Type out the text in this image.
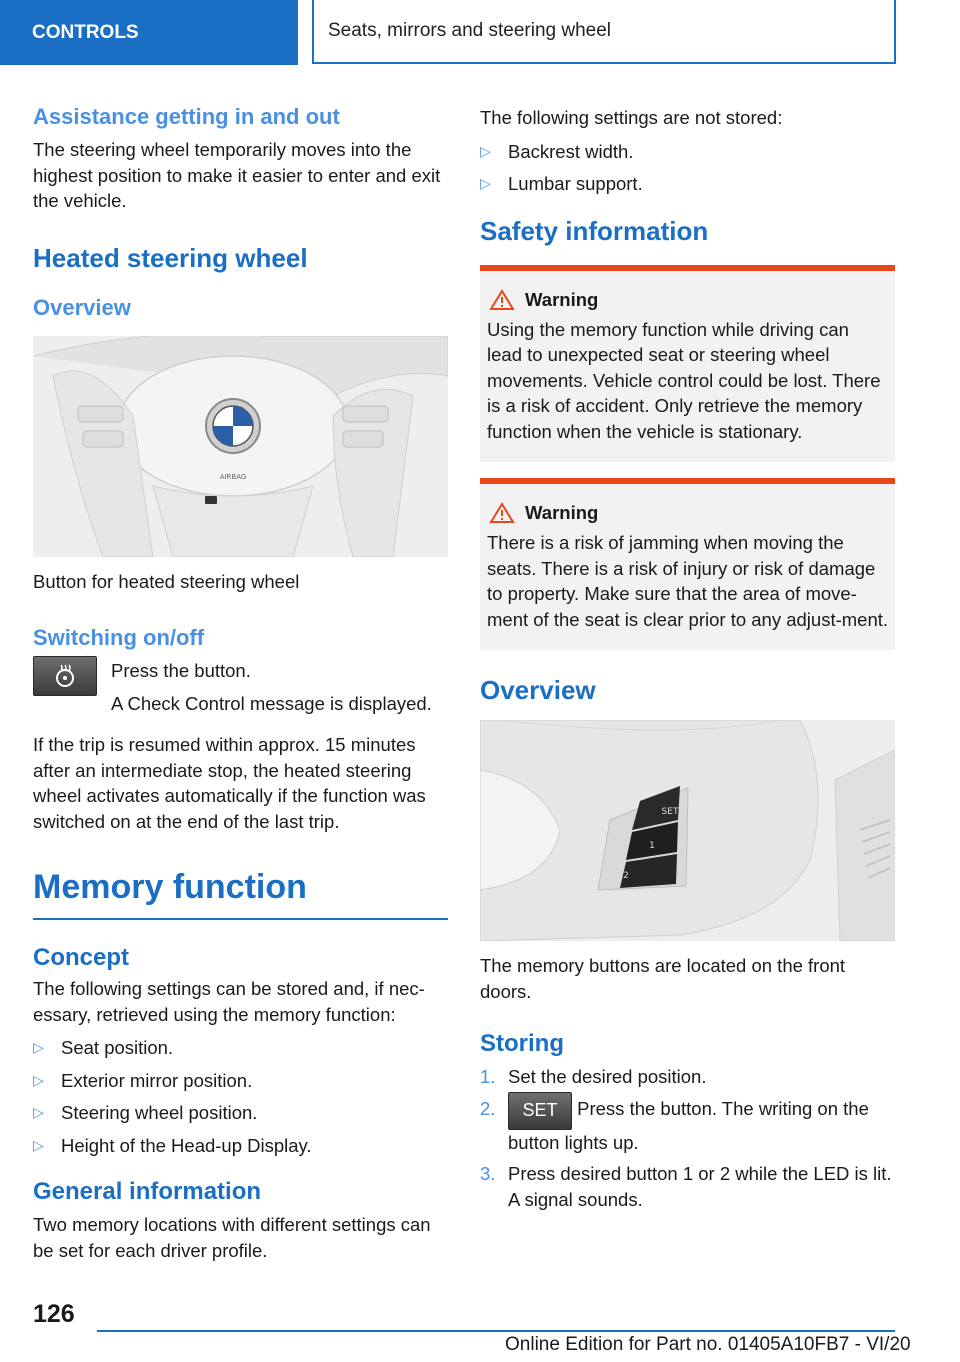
CONTROLS	Seats, mirrors and steering wheel
Assistance getting in and out

The steering wheel temporarily moves into the highest position to make it easier to enter and exit the vehicle.

Heated steering wheel
Overview
AIRBAG

Button for heated steering wheel

Switching on/off

Press the button.

A Check Control message is displayed.

If the trip is resumed within approx. 15 minutes after an intermediate stop, the heated steering wheel activates automatically if the function was switched on at the end of the last trip.

Memory function
Concept

The following settings can be stored and, if nec‐essary, retrieved using the memory function:

▷ Seat position.
▷ Exterior mirror position.
▷ Steering wheel position.
▷ Height of the Head-up Display.
General information

Two memory locations with different settings can be set for each driver profile.

The following settings are not stored:

▷ Backrest width.
▷ Lumbar support.
Safety information
Warning

Using the memory function while driving can lead to unexpected seat or steering wheel movements. Vehicle control could be lost. There is a risk of accident. Only retrieve the memory function when the vehicle is stationary.

Warning

There is a risk of jamming when moving the seats. There is a risk of injury or risk of damage to property. Make sure that the area of move‐ment of the seat is clear prior to any adjust‐ment.

Overview
SET
1
2

The memory buttons are located on the front doors.

Storing
1. Set the desired position.
2. SET Press the button. The writing on the button lights up.
3. Press desired button 1 or 2 while the LED is lit. A signal sounds.
126
Online Edition for Part no. 01405A10FB7 - VI/20
